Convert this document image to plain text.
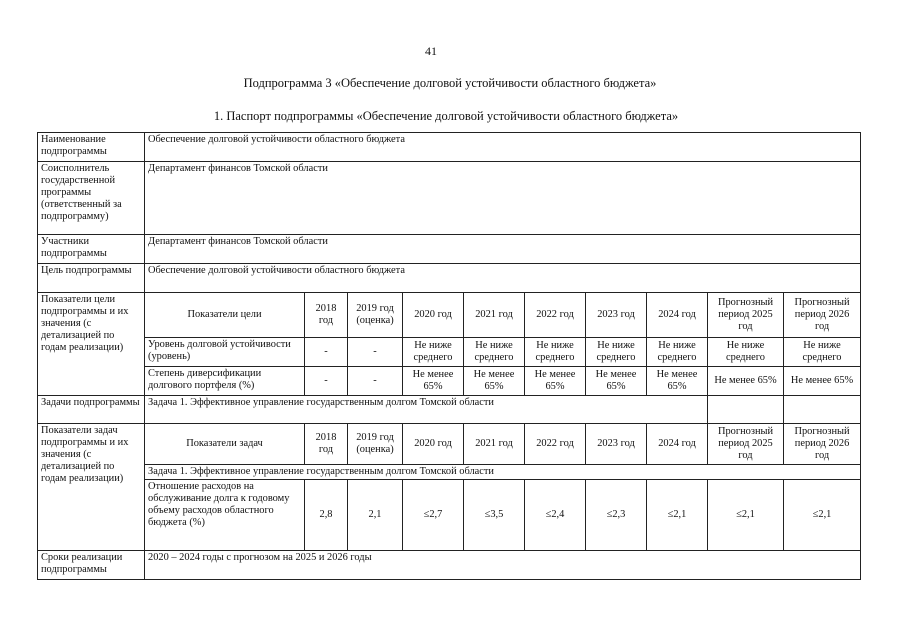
41
Подпрограмма 3 «Обеспечение долговой устойчивости областного бюджета»
1. Паспорт подпрограммы «Обеспечение долговой устойчивости областного бюджета»
Наименование подпрограммы	Обеспечение долговой устойчивости областного бюджета									
Соисполнитель государственной программы (ответственный за подпрограмму)	Департамент финансов Томской области									
Участники подпрограммы	Департамент финансов Томской области									
Цель подпрограммы	Обеспечение долговой устойчивости областного бюджета									
Показатели цели подпрограммы и их значения (с детализацией по годам реализации)	Показатели цели	2018 год	2019 год (оценка)	2020 год	2021 год	2022 год	2023 год	2024 год	Прогнозный период 2025 год	Прогнозный период 2026 год
	Уровень долговой устойчивости (уровень)	-	-	Не ниже среднего	Не ниже среднего	Не ниже среднего	Не ниже среднего	Не ниже среднего	Не ниже среднего	Не ниже среднего
	Степень диверсификации долгового портфеля (%)	-	-	Не менее 65%	Не менее 65%	Не менее 65%	Не менее 65%	Не менее 65%	Не менее 65%	Не менее 65%
Задачи подпрограммы	Задача 1. Эффективное управление государственным долгом Томской области									
Показатели задач подпрограммы и их значения (с детализацией по годам реализации)	Показатели задач	2018 год	2019 год (оценка)	2020 год	2021 год	2022 год	2023 год	2024 год	Прогнозный период 2025 год	Прогнозный период 2026 год
	Задача 1. Эффективное управление государственным долгом Томской области									
	Отношение расходов на обслуживание долга к годовому объему расходов областного бюджета (%)	2,8	2,1	≤2,7	≤3,5	≤2,4	≤2,3	≤2,1	≤2,1	≤2,1
Сроки реализации подпрограммы	2020 – 2024 годы с прогнозом на 2025 и 2026 годы									
